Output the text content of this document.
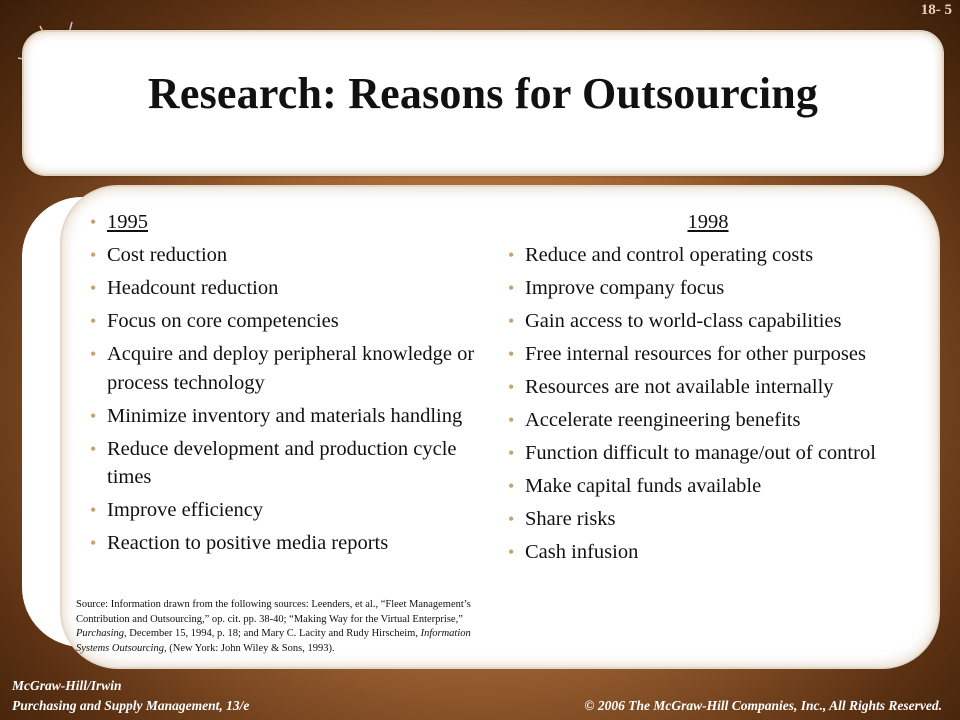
18- 5
Research: Reasons for Outsourcing
• 1995
• Cost reduction
• Headcount reduction
• Focus on core competencies
• Acquire and deploy peripheral knowledge or process technology
• Minimize inventory and materials handling
• Reduce development and production cycle times
• Improve efficiency
• Reaction to positive media reports
1998
• Reduce and control operating costs
• Improve company focus
• Gain access to world-class capabilities
• Free internal resources for other purposes
• Resources are not available internally
• Accelerate reengineering benefits
• Function difficult to manage/out of control
• Make capital funds available
• Share risks
• Cash infusion
Source: Information drawn from the following sources: Leenders, et al., “Fleet Management’s Contribution and Outsourcing,” op. cit. pp. 38-40; “Making Way for the Virtual Enterprise,” Purchasing, December 15, 1994, p. 18; and Mary C. Lacity and Rudy Hirscheim, Information Systems Outsourcing, (New York: John Wiley & Sons, 1993).
McGraw-Hill/Irwin
Purchasing and Supply Management, 13/e	© 2006 The McGraw-Hill Companies, Inc., All Rights Reserved.
